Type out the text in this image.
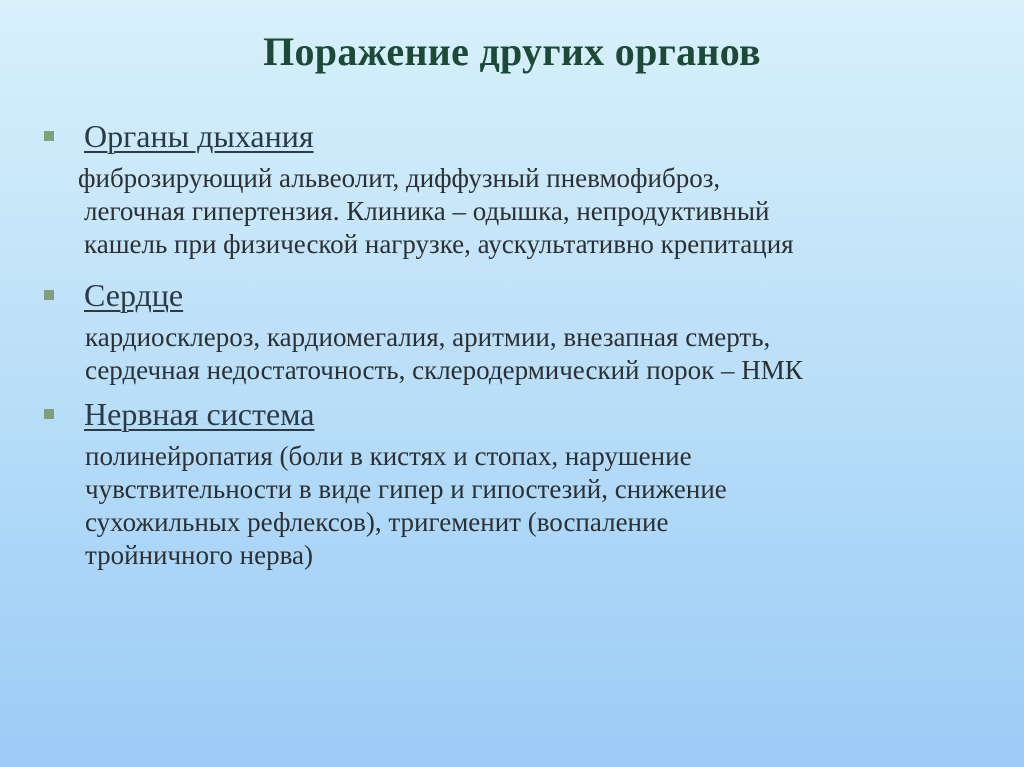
Поражение других органов
Органы дыхания
фиброзирующий альвеолит, диффузный пневмофиброз,
легочная гипертензия. Клиника – одышка, непродуктивный
кашель при физической нагрузке, аускультативно крепитация
Сердце
кардиосклероз, кардиомегалия, аритмии, внезапная смерть,
сердечная недостаточность, склеродермический порок – НМК
Нервная система
полинейропатия (боли в кистях и стопах, нарушение
чувствительности в виде гипер и гипостезий, снижение
сухожильных рефлексов), тригеменит (воспаление
тройничного нерва)
